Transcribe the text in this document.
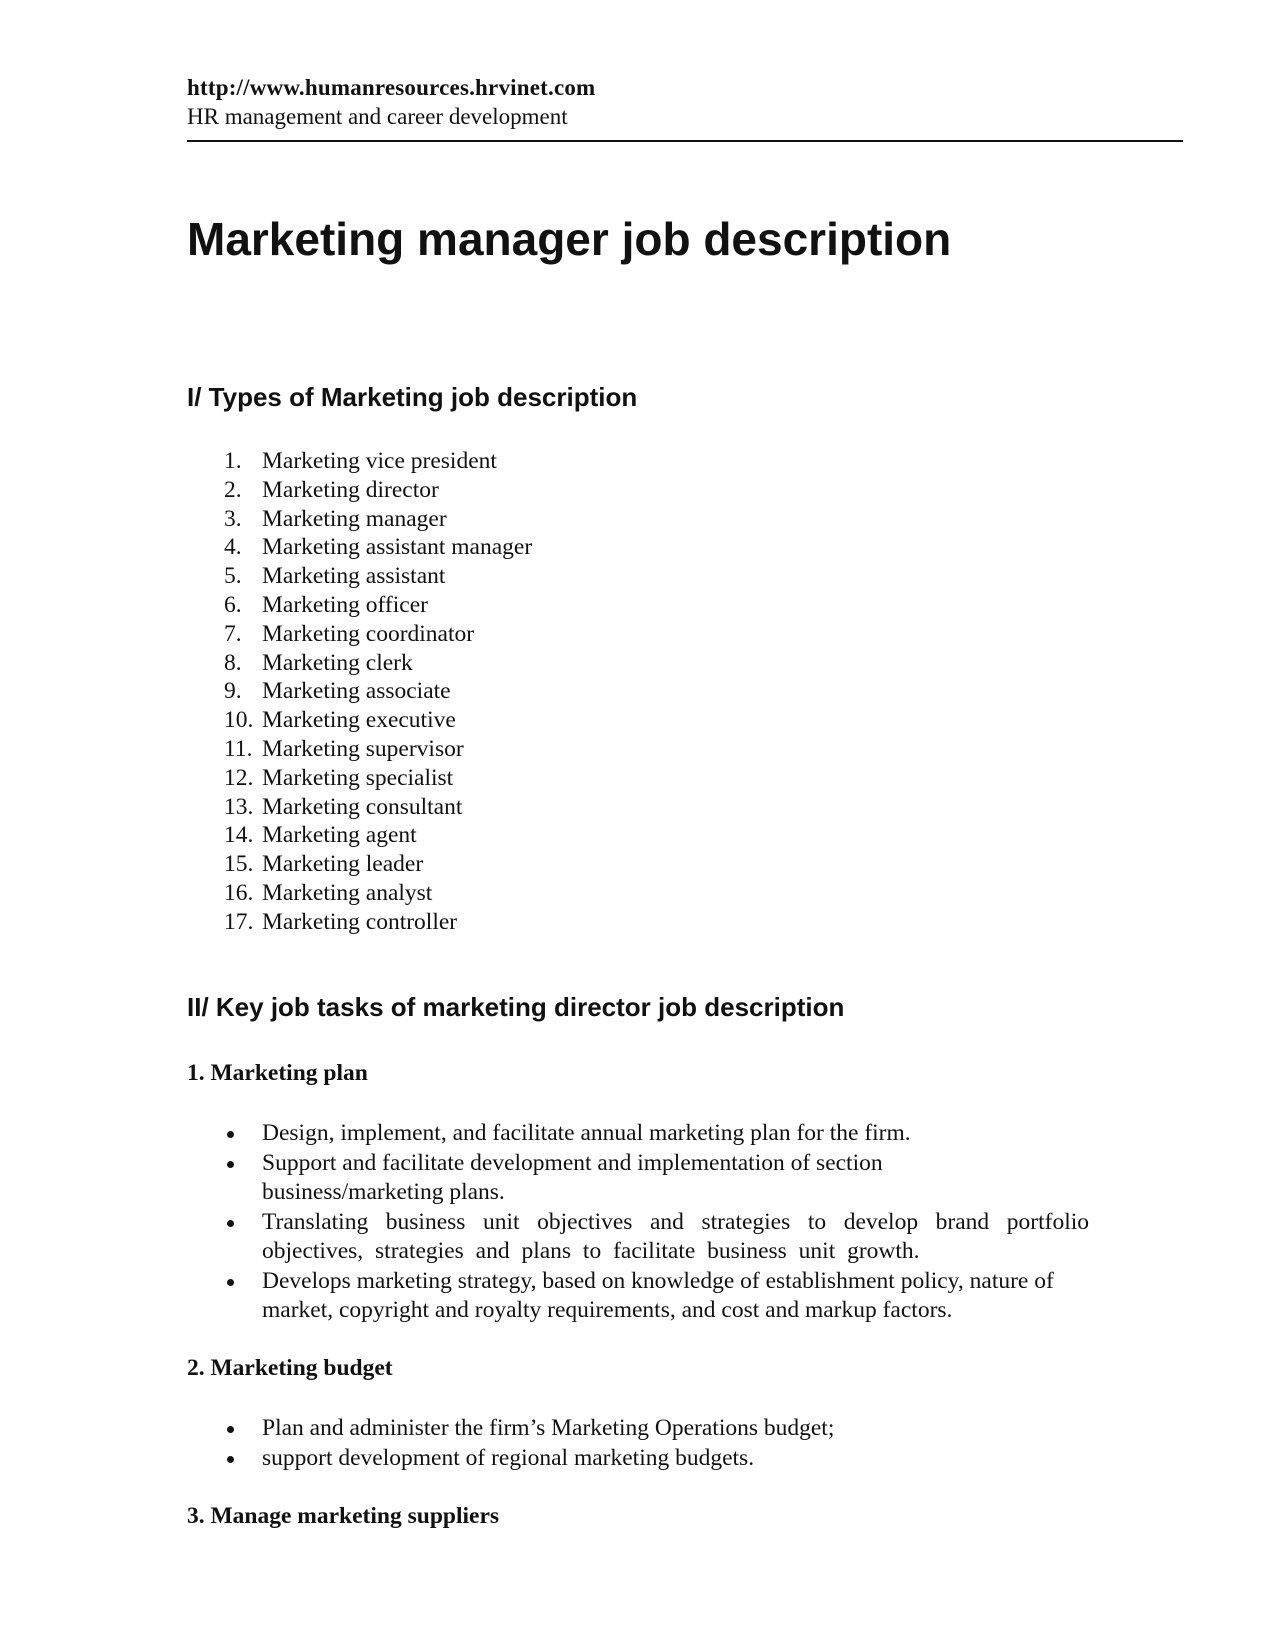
http://www.humanresources.hrvinet.com
HR management and career development
Marketing manager job description
I/ Types of Marketing job description
1. Marketing vice president
2. Marketing director
3. Marketing manager
4. Marketing assistant manager
5. Marketing assistant
6. Marketing officer
7. Marketing coordinator
8. Marketing clerk
9. Marketing associate
10. Marketing executive
11. Marketing supervisor
12. Marketing specialist
13. Marketing consultant
14. Marketing agent
15. Marketing leader
16. Marketing analyst
17. Marketing controller
II/ Key job tasks of marketing director job description
1. Marketing plan
Design, implement, and facilitate annual marketing plan for the firm.
Support and facilitate development and implementation of section business/marketing plans.
Translating business unit objectives and strategies to develop brand portfolio objectives, strategies and plans to facilitate business unit growth.
Develops marketing strategy, based on knowledge of establishment policy, nature of market, copyright and royalty requirements, and cost and markup factors.
2. Marketing budget
Plan and administer the firm’s Marketing Operations budget;
support development of regional marketing budgets.
3. Manage marketing suppliers
